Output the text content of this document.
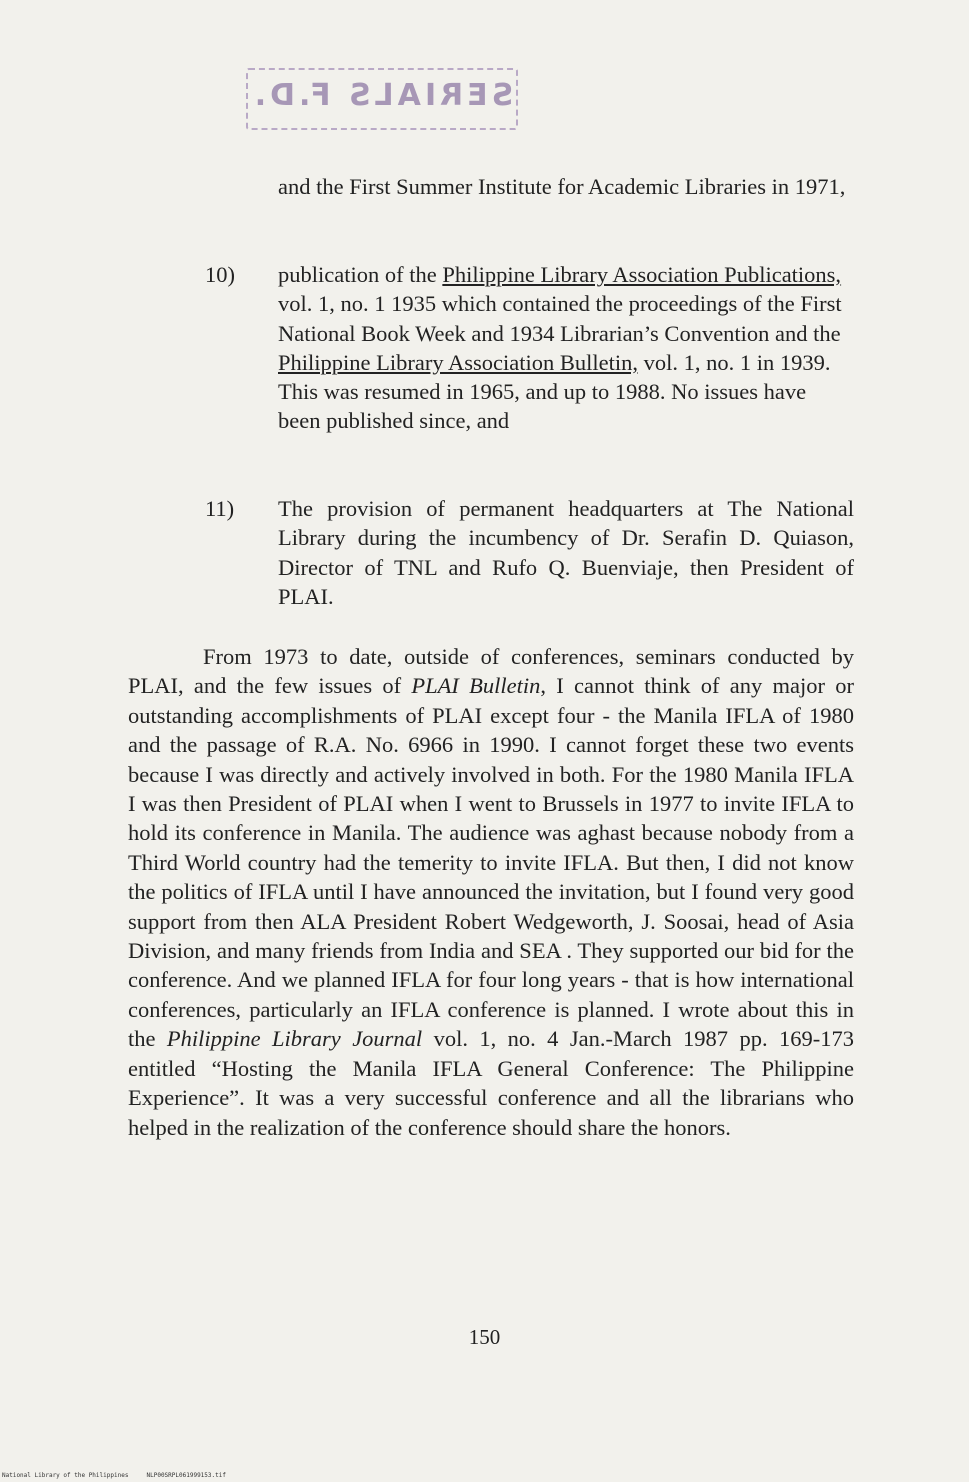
SERIALS F.D.
and the First Summer Institute for Academic Libraries in 1971,
10) publication of the Philippine Library Association Publications, vol. 1, no. 1 1935 which contained the proceedings of the First National Book Week and 1934 Librarian’s Convention and the Philippine Library Association Bulletin, vol. 1, no. 1 in 1939. This was resumed in 1965, and up to 1988. No issues have been published since, and
11) The provision of permanent headquarters at The National Library during the incumbency of Dr. Serafin D. Quiason, Director of TNL and Rufo Q. Buenviaje, then President of PLAI.
From 1973 to date, outside of conferences, seminars conducted by PLAI, and the few issues of PLAI Bulletin, I cannot think of any major or outstanding accomplishments of PLAI except four - the Manila IFLA of 1980 and the passage of R.A. No. 6966 in 1990. I cannot forget these two events because I was directly and actively involved in both. For the 1980 Manila IFLA I was then President of PLAI when I went to Brussels in 1977 to invite IFLA to hold its conference in Manila. The audience was aghast because nobody from a Third World country had the temerity to invite IFLA. But then, I did not know the politics of IFLA until I have announced the invitation, but I found very good support from then ALA President Robert Wedgeworth, J. Soosai, head of Asia Division, and many friends from India and SEA . They supported our bid for the conference. And we planned IFLA for four long years - that is how international conferences, particularly an IFLA conference is planned. I wrote about this in the Philippine Library Journal vol. 1, no. 4 Jan.-March 1987 pp. 169-173 entitled “Hosting the Manila IFLA General Conference: The Philippine Experience”. It was a very successful conference and all the librarians who helped in the realization of the conference should share the honors.
150
National Library of the Philippines	NLP00SRPL061999153.tif
